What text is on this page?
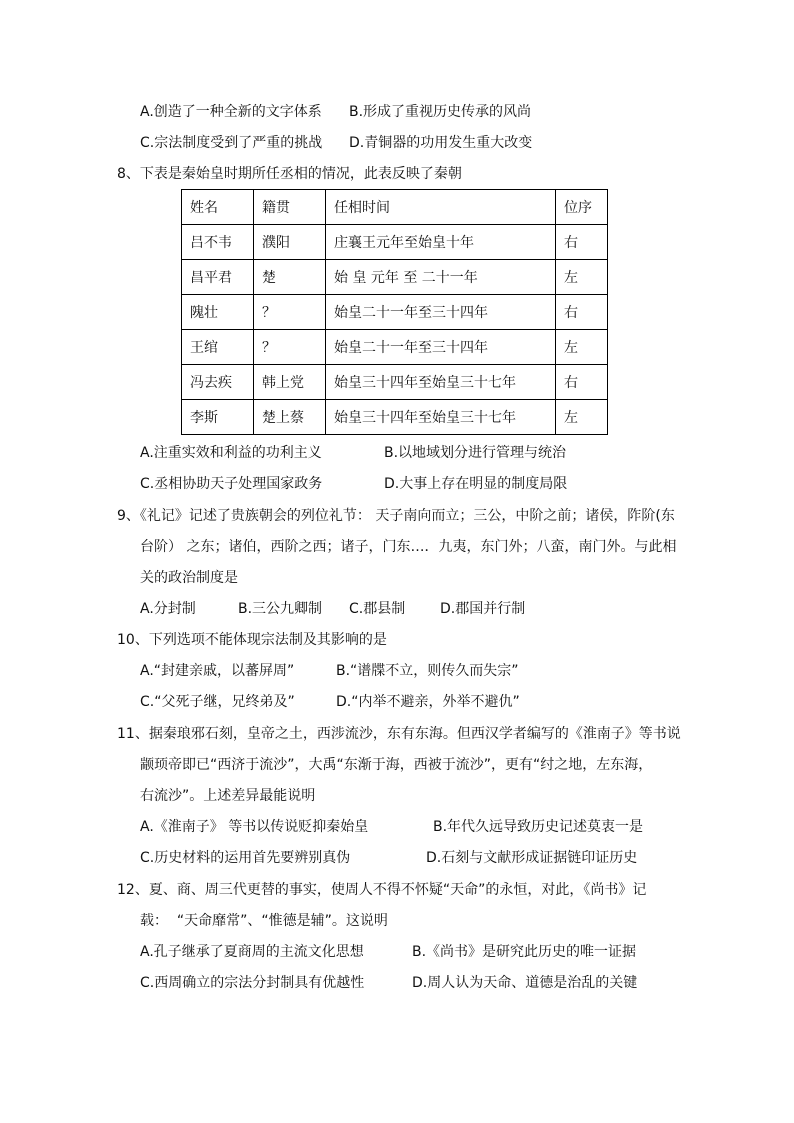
A.创造了一种全新的文字体系 B.形成了重视历史传承的风尚
C.宗法制度受到了严重的挑战 D.青铜器的功用发生重大改变
8、下表是秦始皇时期所任丞相的情况，此表反映了秦朝
姓名	籍贯	任相时间	位序
吕不韦	濮阳	庄襄王元年至始皇十年	右
昌平君	楚	始 皇 元年 至 二十一年	左
隗壮	？	始皇二十一年至三十四年	右
王绾	？	始皇二十一年至三十四年	左
冯去疾	韩上党	始皇三十四年至始皇三十七年	右
李斯	楚上蔡	始皇三十四年至始皇三十七年	左
A.注重实效和利益的功利主义	B.以地域划分进行管理与统治
C.丞相协助天子处理国家政务	D.大事上存在明显的制度局限
9、《礼记》记述了贵族朝会的列位礼节： 天子南向而立；三公，中阶之前；诸侯，阼阶(东
台阶） 之东；诸伯，西阶之西；诸子，门东…．九夷，东门外；八蛮，南门外。与此相
关的政治制度是
A.分封制	B.三公九卿制 C.郡县制 D.郡国并行制
10、下列选项不能体现宗法制及其影响的是
A.“封建亲戚，以蕃屏周”	B.“谱牒不立，则传久而失宗”
C.“父死子继，兄终弟及”	D.“内举不避亲，外举不避仇”
11、据秦琅邪石刻，皇帝之土，西涉流沙，东有东海。但西汉学者编写的《淮南子》等书说
颛顼帝即已“西济于流沙”，大禹“东渐于海，西被于流沙”，更有“纣之地，左东海，
右流沙”。上述差异最能说明
A.《淮南子》 等书以传说贬抑秦始皇	B.年代久远导致历史记述莫衷一是
C.历史材料的运用首先要辨别真伪	D.石刻与文献形成证据链印证历史
12、夏、商、周三代更替的事实，使周人不得不怀疑“天命”的永恒，对此，《尚书》记
载：  “天命靡常”、“惟德是辅”。这说明
A.孔子继承了夏商周的主流文化思想	B.《尚书》是研究此历史的唯一证据
C.西周确立的宗法分封制具有优越性	D.周人认为天命、道德是治乱的关键
